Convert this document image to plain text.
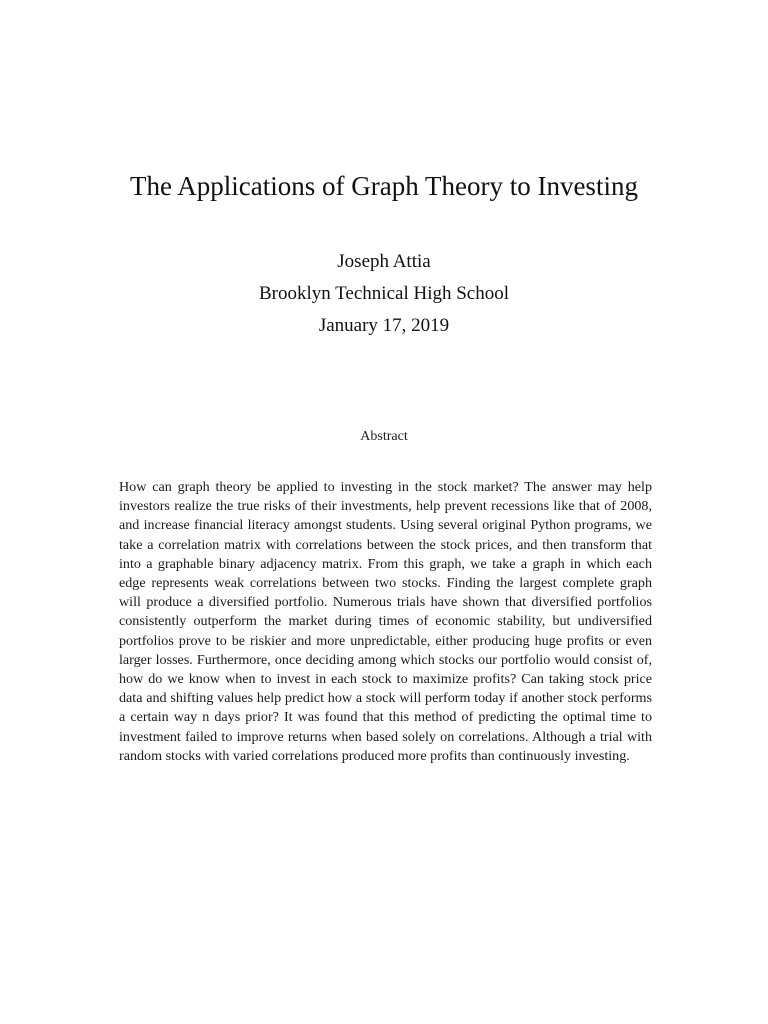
The Applications of Graph Theory to Investing
Joseph Attia
Brooklyn Technical High School
January 17, 2019
Abstract

How can graph theory be applied to investing in the stock market? The answer may help investors realize the true risks of their investments, help prevent recessions like that of 2008, and increase financial literacy amongst students. Using several original Python programs, we take a correlation matrix with correlations between the stock prices, and then transform that into a graphable binary adjacency matrix. From this graph, we take a graph in which each edge represents weak correlations between two stocks. Finding the largest complete graph will produce a diversified portfolio. Numerous trials have shown that diversified portfolios consistently outperform the market during times of economic stability, but undiversified portfolios prove to be riskier and more unpredictable, either producing huge profits or even larger losses. Furthermore, once deciding among which stocks our portfolio would consist of, how do we know when to invest in each stock to maximize profits? Can taking stock price data and shifting values help predict how a stock will perform today if another stock performs a certain way n days prior? It was found that this method of predicting the optimal time to investment failed to improve returns when based solely on correlations. Although a trial with random stocks with varied correlations produced more profits than continuously investing.
